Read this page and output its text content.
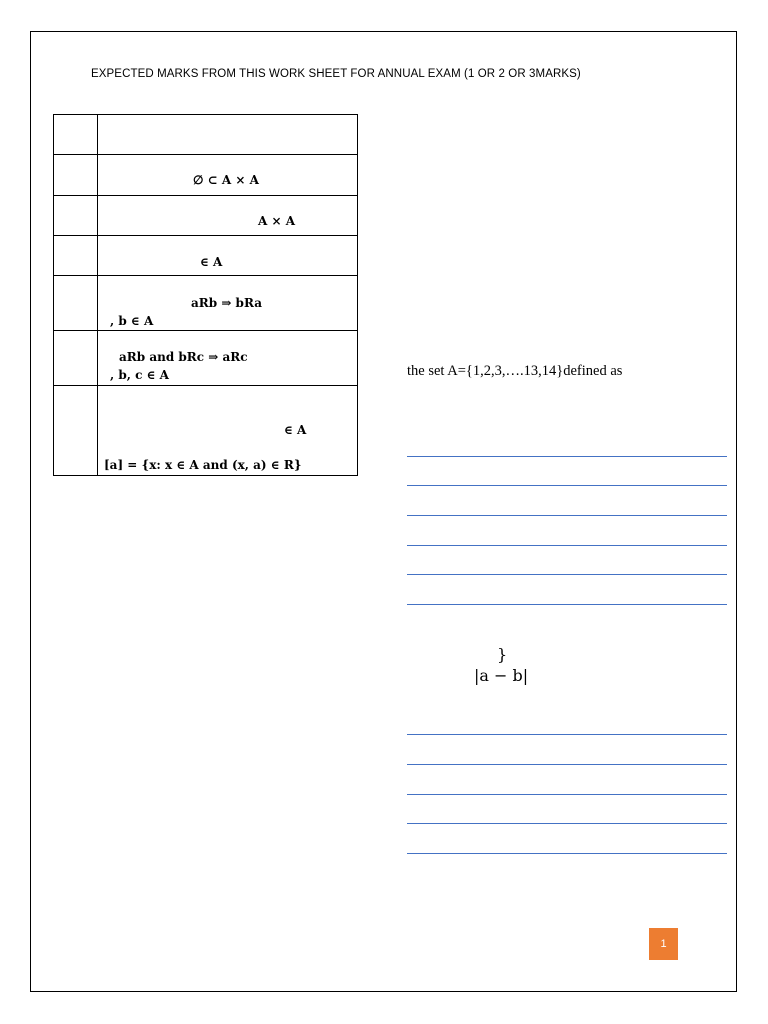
EXPECTED MARKS FROM THIS WORK SHEET FOR ANNUAL EXAM (1 OR 2 OR 3MARKS)

	∅ ⊂ A × A

	A × A

	∈ A

	aRb ⇒ bRa
, b ∈ A

	aRb and bRc ⇒ aRc
, b, c ∈ A

	∈ A
[a] = {x: x ∈ A and (x, a) ∈ R}
the set A={1,2,3,….13,14}defined as
}
|a − b|
1
